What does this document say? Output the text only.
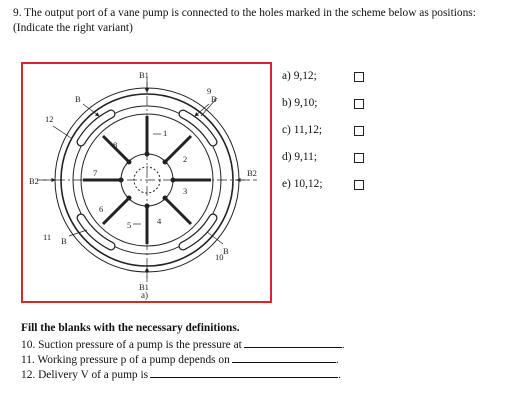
9. The output port of a vane pump is connected to the holes marked in the scheme below as positions: (Indicate the right variant)
B1
B1
B2
B2
B	B
B
B
1
2
3
4
5
6
7
8
9
10
11
12
a)
a) 9,12;
b) 9,10;
c) 11,12;
d) 9,11;
e) 10,12;
Fill the blanks with the necessary definitions.
10. Suction pressure of a pump is the pressure at	.
11. Working pressure p of a pump depends on	.
12. Delivery V of a pump is	.
